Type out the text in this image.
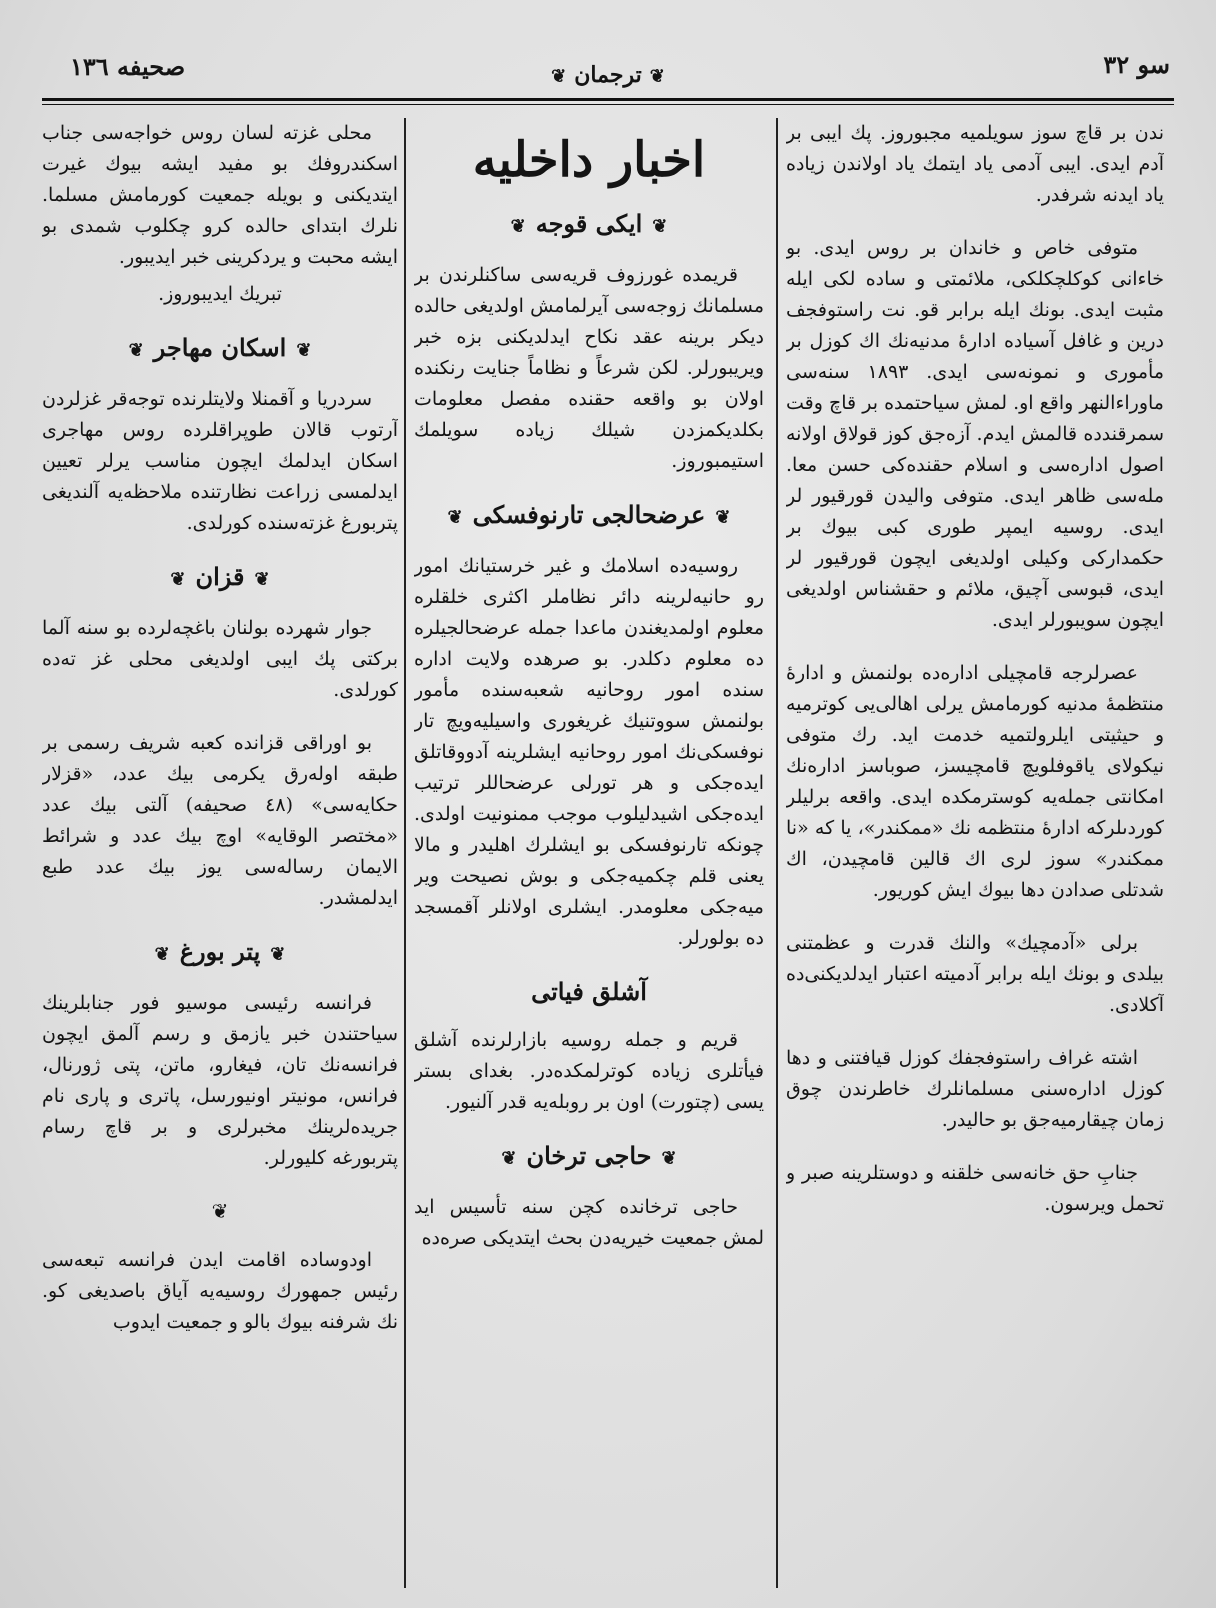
سو ٣٢
❦ترجمان❦
صحيفه ١٣٦

ندن بر قاچ سوز سويلميه مجبوروز. پك ايبى بر آدم ايدى. ايبى آدمى ياد ايتمك ياد اولاندن زياده ياد ايدنه شرفدر.

متوفى خاص و خاندان بر روس ايدى. بو خاءانى كوكلچكلكى، ملائمتى و ساده لكى ايله مثبت ايدى. بونك ايله برابر قو. نت راستوفجف درين و غافل آسياده ادارهٔ مدنيه‌نك اك كوزل بر مأمورى و نمونه‌سى ايدى. ١٨٩٣ سنه‌سى ماوراءالنهر واقع او. لمش سياحتمده بر قاچ وقت سمرقندده قالمش ايدم. آزه‌جق كوز قولاق اولانه اصول اداره‌سى و اسلام حقنده‌كى حسن معا. مله‌سى ظاهر ايدى. متوفى واليدن قورقيور لر ايدى. روسيه ايمپر طورى كبى بيوك بر حكمداركى وكيلى اولديغى ايچون قورقيور لر ايدى، قبوسى آچيق، ملائم و حقشناس اولديغى ايچون سويبورلر ايدى.

عصرلرجه قامچيلى اداره‌ده بولنمش و ادارهٔ منتظمهٔ مدنيه كورمامش يرلى اهالى‌يى كوترميه و حيثيتى ايلرولتميه خدمت ايد. رك متوفى نيكولاى ياقوفلويچ قامچيسز، صوباسز اداره‌نك امكانتى جمله‌يه كوسترمكده ايدى. واقعه برليلر كوردىلركه ادارهٔ منتظمه نك «ممكندر»، يا كه «نا ممكندر» سوز لرى اك قالين قامچيدن، اك شدتلى صدادن دها بيوك ايش كوريور.

برلى «آدمچيك» والنك قدرت و عظمتنى بيلدى و بونك ايله برابر آدميته اعتبار ايدلديكنى‌ده آكلادى.

اشته غراف راستوفجفك كوزل قيافتنى و دها كوزل اداره‌سنى مسلمانلرك خاطرندن چوق زمان چيقارميه‌جق بو حاليدر.

جنابِ حق خانه‌سى خلقنه و دوستلرينه صبر و تحمل ويرسون.

اخبار داخليه
❦ايكى قوجه❦

قريمده غورزوف قريه‌سى ساكنلرندن بر مسلمانك زوجه‌سى آيرلمامش اولديغى حالده ديكر برينه عقد نكاح ايدلديكنى بزه خبر ويريبورلر. لكن شرعاً و نظاماً جنايت رنكنده اولان بو واقعه حقنده مفصل معلومات بكلديكمزدن شيلك زياده سويلمك استيمبوروز.

❦عرضحالجى تارنوفسكى❦

روسيه‌ده اسلامك و غير خرستيانك امور رو حانيه‌لرينه دائر نظاملر اكثرى خلقلره معلوم اولمديغندن ماعدا جمله عرضحالجيلره ده معلوم دكلدر. بو صرهده ولايت اداره سنده امور روحانيه شعبه‌سنده مأمور بولنمش سووتنيك غريغورى واسيليه‌ويچ تار نوفسكى‌نك امور روحانيه ايشلرينه آدووقاتلق ايده‌جكى و هر تورلى عرضحاللر ترتيب ايده‌جكى اشيدليلوب موجب ممنونيت اولدى. چونكه تارنوفسكى بو ايشلرك اهليدر و مالا يعنى قلم چكميه‌جكى و بوش نصيحت وير ميه‌جكى معلومدر. ايشلرى اولانلر آقمسجد ده بولورلر.

آشلق فياتى

قريم و جمله روسيه بازارلرنده آشلق فيأتلرى زياده كوترلمكده‌در. بغداى بستر يسى (چتورت) اون بر روبله‌يه قدر آلنيور.

❦حاجى ترخان❦

حاجى ترخانده كچن سنه تأسيس ايد لمش جمعيت خيريه‌دن بحث ايتديكى صره‌ده

محلى غزته لسان روس خواجه‌سى جناب اسكندروفك بو مفيد ايشه بيوك غيرت ايتديكنى و بويله جمعيت كورمامش مسلما. نلرك ابتداى حالده كرو چكلوب شمدى بو ايشه محبت و يردكرينى خبر ايديبور.

تبريك ايديبوروز.

❦اسكان مهاجر❦

سردريا و آقمنلا ولايتلرنده توجه‌قر غزلردن آرتوب قالان طوپراقلرده روس مهاجرى اسكان ايدلمك ايچون مناسب يرلر تعيين ايدلمسى زراعت نظارتنده ملاحظه‌يه آلنديغى پتربورغ غزته‌سنده كورلدى.

❦قزان❦

جوار شهرده بولنان باغچه‌لرده بو سنه آلما بركتى پك ايبى اولديغى محلى غز ته‌ده كورلدى.

بو اوراقى قزانده كعبه شريف رسمى بر طبقه اوله‌رق يكرمى بيك عدد، «قزلار حكايه‌سى» (٤٨ صحيفه) آلتى بيك عدد «مختصر الوقايه» اوچ بيك عدد و شرائط الايمان رساله‌سى يوز بيك عدد طبع ايدلمشدر.

❦پتر بورغ❦

فرانسه رئيسى موسيو فور جنابلرينك سياحتندن خبر يازمق و رسم آلمق ايچون فرانسه‌نك تان، فيغارو، ماتن، پتى ژورنال، فرانس، مونيتر اونيورسل، پاترى و پارى نام جريده‌لرينك مخبرلرى و بر قاچ رسام پتربورغه كليورلر.

❦

اودوساده اقامت ايدن فرانسه تبعه‌سى رئيس جمهورك روسيه‌يه آياق باصديغى كو. نك شرفنه بيوك بالو و جمعيت ايدوب
